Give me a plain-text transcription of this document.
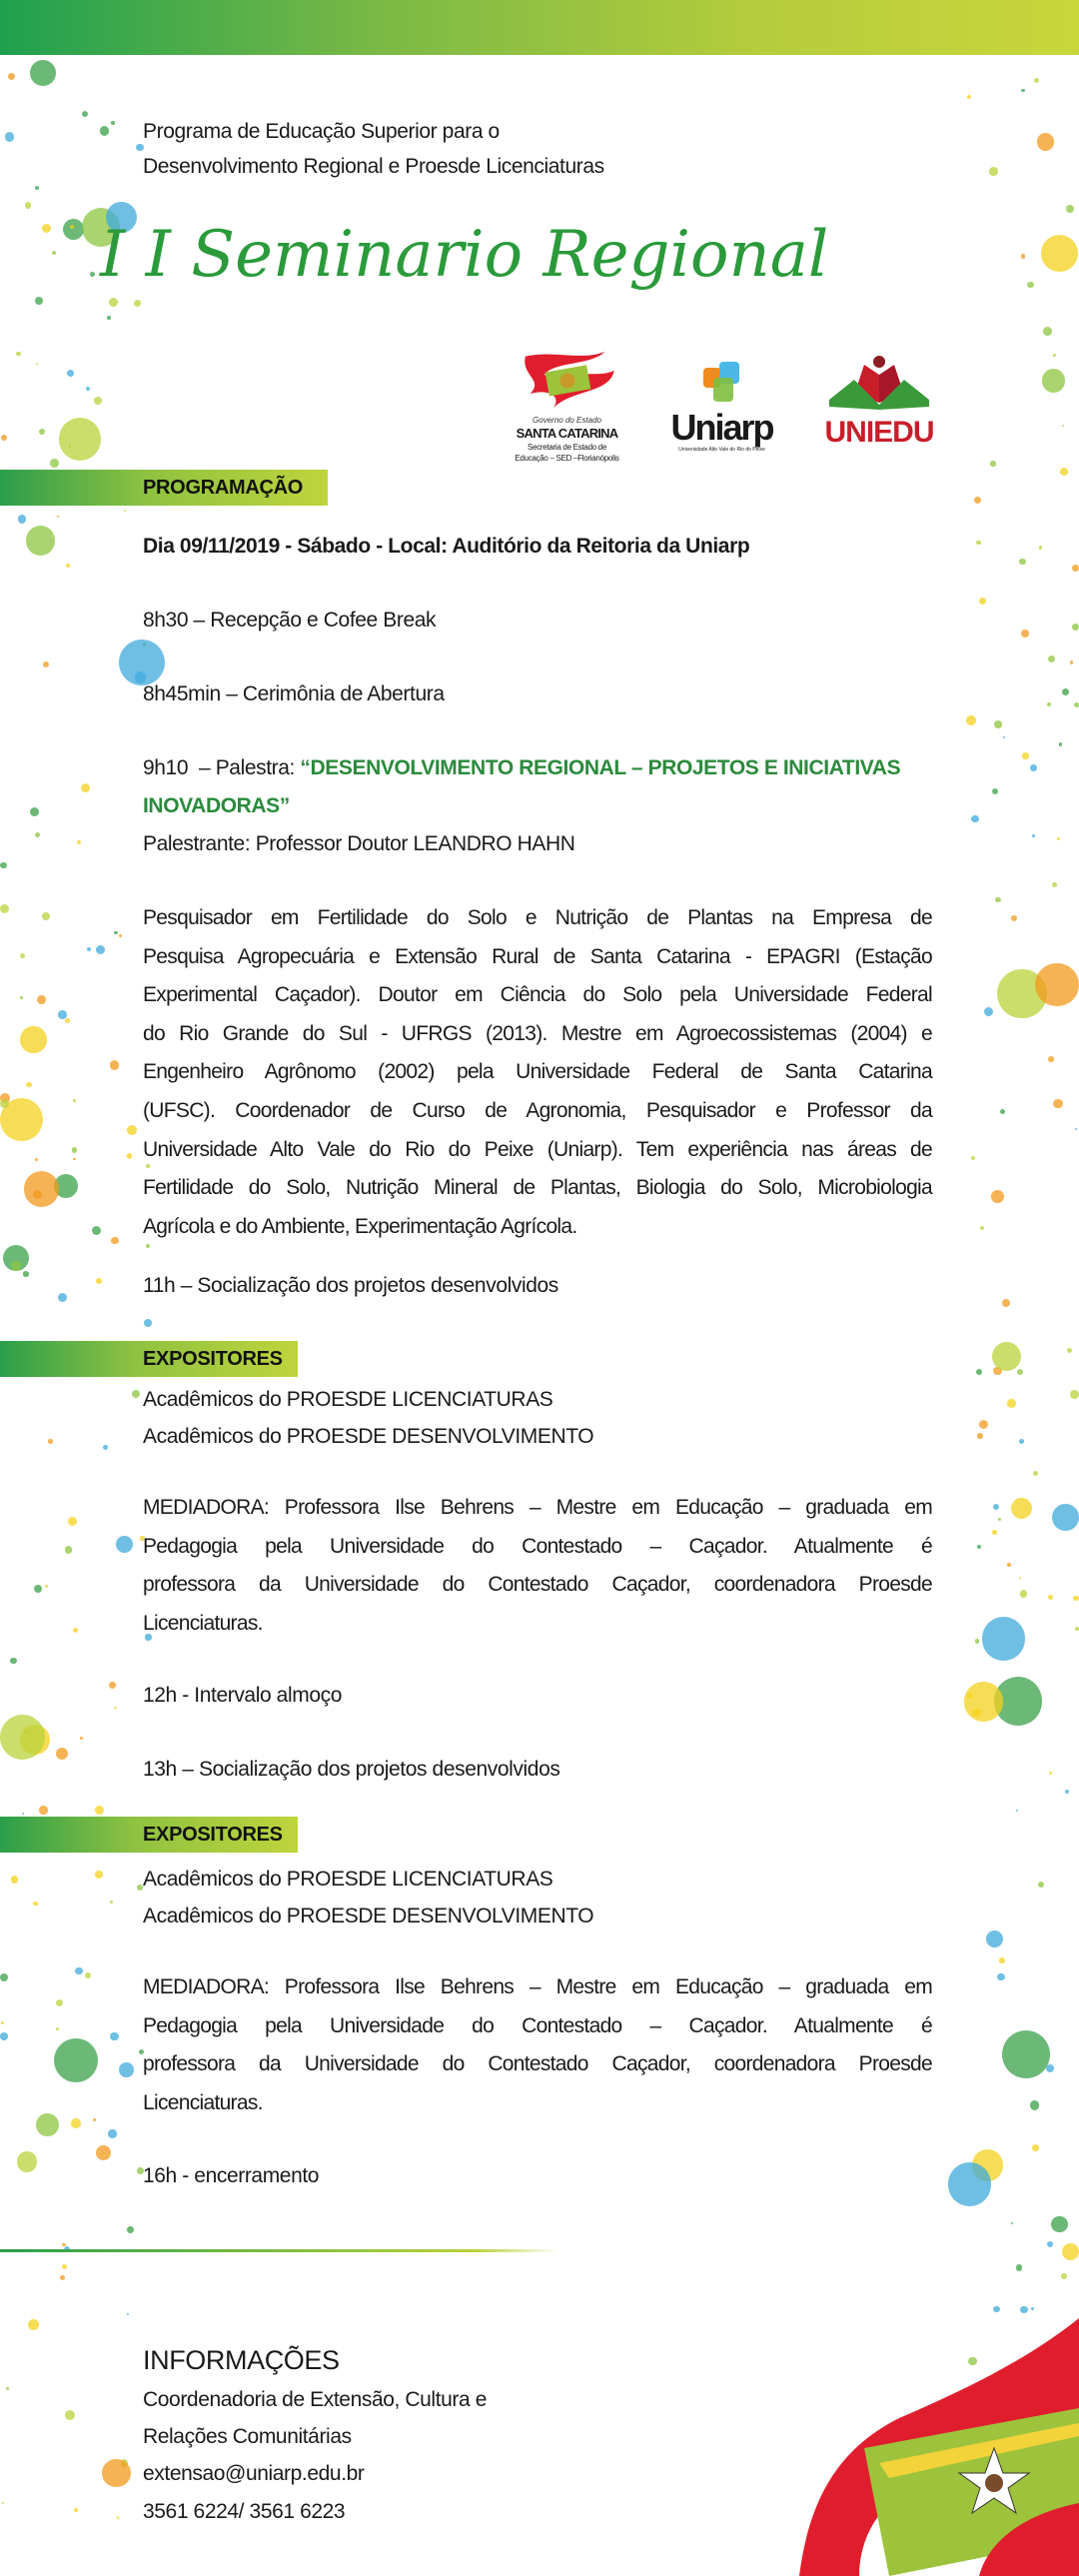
Programa de Educação Superior para o
Desenvolvimento Regional e Proesde Licenciaturas
I I Seminario Regional
Governo do Estado
SANTA CATARINA
Secretaria de Estado de
Educação – SED –Florianópolis
Uniarp
Universidade Alto Vale do Rio do Peixe
UNIEDU
PROGRAMAÇÃO
Dia 09/11/2019 - Sábado - Local: Auditório da Reitoria da Uniarp
8h30 – Recepção e Cofee Break
8h45min – Cerimônia de Abertura
9h10  – Palestra: “DESENVOLVIMENTO REGIONAL – PROJETOS E INICIATIVAS
INOVADORAS”
Palestrante: Professor Doutor LEANDRO HAHN
Pesquisador em Fertilidade do Solo e Nutrição de Plantas na Empresa de
Pesquisa Agropecuária e Extensão Rural de Santa Catarina - EPAGRI (Estação
Experimental Caçador). Doutor em Ciência do Solo pela Universidade Federal
do Rio Grande do Sul - UFRGS (2013). Mestre em Agroecossistemas (2004) e
Engenheiro Agrônomo (2002) pela Universidade Federal de Santa Catarina
(UFSC). Coordenador de Curso de Agronomia, Pesquisador e Professor da
Universidade Alto Vale do Rio do Peixe (Uniarp). Tem experiência nas áreas de
Fertilidade do Solo, Nutrição Mineral de Plantas, Biologia do Solo, Microbiologia
Agrícola e do Ambiente, Experimentação Agrícola.
11h – Socialização dos projetos desenvolvidos
EXPOSITORES
Acadêmicos do PROESDE LICENCIATURAS
Acadêmicos do PROESDE DESENVOLVIMENTO
MEDIADORA: Professora Ilse Behrens – Mestre em Educação – graduada em
Pedagogia pela Universidade do Contestado – Caçador. Atualmente é
professora da Universidade do Contestado Caçador, coordenadora Proesde
Licenciaturas.
12h - Intervalo almoço
13h – Socialização dos projetos desenvolvidos
EXPOSITORES
Acadêmicos do PROESDE LICENCIATURAS
Acadêmicos do PROESDE DESENVOLVIMENTO
MEDIADORA: Professora Ilse Behrens – Mestre em Educação – graduada em
Pedagogia pela Universidade do Contestado – Caçador. Atualmente é
professora da Universidade do Contestado Caçador, coordenadora Proesde
Licenciaturas.
16h - encerramento
INFORMAÇÕES
Coordenadoria de Extensão, Cultura e
Relações Comunitárias
extensao@uniarp.edu.br
3561 6224/ 3561 6223
